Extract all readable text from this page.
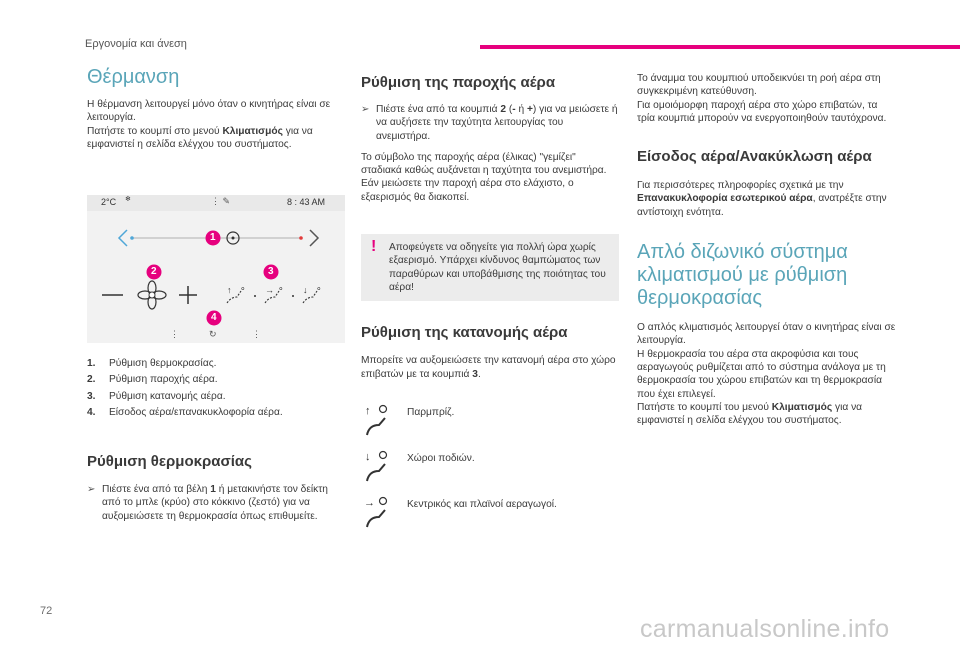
Εργονομία και άνεση
Θέρμανση

Η θέρμανση λειτουργεί μόνο όταν ο κινητήρας είναι σε λειτουργία.

Πατήστε το κουμπί στο μενού Κλιματισμός για να εμφανιστεί η σελίδα ελέγχου του συστήματος.

2°C ❄	⋮ ✎	8 : 43 AM
↑ ∘ → ∘ ↓ ∘
⋮	↻	⋮
1
2	3
4
1.	Ρύθμιση θερμοκρασίας.
2.	Ρύθμιση παροχής αέρα.
3.	Ρύθμιση κατανομής αέρα.
4.	Είσοδος αέρα/επανακυκλοφορία αέρα.
Ρύθμιση θερμοκρασίας
➢ Πιέστε ένα από τα βέλη 1 ή μετακινήστε τον δείκτη από το μπλε (κρύο) στο κόκκινο (ζεστό) για να αυξομειώσετε τη θερμοκρασία όπως επιθυμείτε.
Ρύθμιση της παροχής αέρα
➢ Πιέστε ένα από τα κουμπιά 2 (- ή +) για να μειώσετε ή να αυξήσετε την ταχύτητα λειτουργίας του ανεμιστήρα.

Το σύμβολο της παροχής αέρα (έλικας) "γεμίζει" σταδιακά καθώς αυξάνεται η ταχύτητα του ανεμιστήρα.

Εάν μειώσετε την παροχή αέρα στο ελάχιστο, ο εξαερισμός θα διακοπεί.

! Αποφεύγετε να οδηγείτε για πολλή ώρα χωρίς εξαερισμό. Υπάρχει κίνδυνος θαμπώματος των παραθύρων και υποβάθμισης της ποιότητας του αέρα!
Ρύθμιση της κατανομής αέρα

Μπορείτε να αυξομειώσετε την κατανομή αέρα στο χώρο επιβατών με τα κουμπιά 3.

↑	Παρμπρίζ.
↓	Χώροι ποδιών.
→	Κεντρικός και πλαϊνοί αεραγωγοί.

Το άναμμα του κουμπιού υποδεικνύει τη ροή αέρα στη συγκεκριμένη κατεύθυνση.

Για ομοιόμορφη παροχή αέρα στο χώρο επιβατών, τα τρία κουμπιά μπορούν να ενεργοποιηθούν ταυτόχρονα.

Είσοδος αέρα/Ανακύκλωση αέρα

Για περισσότερες πληροφορίες σχετικά με την Επανακυκλοφορία εσωτερικού αέρα, ανατρέξτε στην αντίστοιχη ενότητα.

Απλό διζωνικό σύστημα κλιματισμού με ρύθμιση θερμοκρασίας

Ο απλός κλιματισμός λειτουργεί όταν ο κινητήρας είναι σε λειτουργία.

Η θερμοκρασία του αέρα στα ακροφύσια και τους αεραγωγούς ρυθμίζεται από το σύστημα ανάλογα με τη θερμοκρασία του χώρου επιβατών και τη θερμοκρασία που έχει επιλεγεί.

Πατήστε το κουμπί του μενού Κλιματισμός για να εμφανιστεί η σελίδα ελέγχου του συστήματος.

72
carmanualsonline.info
